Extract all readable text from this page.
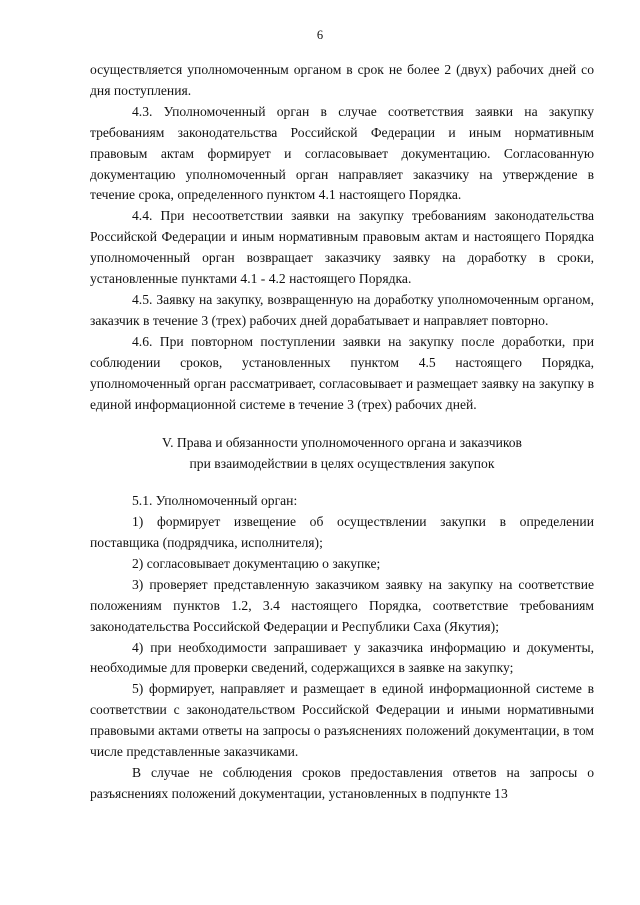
6

осуществляется уполномоченным органом в срок не более 2 (двух) рабочих дней со дня поступления.

4.3. Уполномоченный орган в случае соответствия заявки на закупку требованиям законодательства Российской Федерации и иным нормативным правовым актам формирует и согласовывает документацию. Согласованную документацию уполномоченный орган направляет заказчику на утверждение в течение срока, определенного пунктом 4.1 настоящего Порядка.

4.4. При несоответствии заявки на закупку требованиям законодательства Российской Федерации и иным нормативным правовым актам и настоящего Порядка уполномоченный орган возвращает заказчику заявку на доработку в сроки, установленные пунктами 4.1 - 4.2 настоящего Порядка.

4.5. Заявку на закупку, возвращенную на доработку уполномоченным органом, заказчик в течение 3 (трех) рабочих дней дорабатывает и направляет повторно.

4.6. При повторном поступлении заявки на закупку после доработки, при соблюдении сроков, установленных пунктом 4.5 настоящего Порядка, уполномоченный орган рассматривает, согласовывает и размещает заявку на закупку в единой информационной системе в течение 3 (трех) рабочих дней.

V. Права и обязанности уполномоченного органа и заказчиков
при взаимодействии в целях осуществления закупок

5.1. Уполномоченный орган:

1) формирует извещение об осуществлении закупки в определении поставщика (подрядчика, исполнителя);

2) согласовывает документацию о закупке;

3) проверяет представленную заказчиком заявку на закупку на соответствие положениям пунктов 1.2, 3.4 настоящего Порядка, соответствие требованиям законодательства Российской Федерации и Республики Саха (Якутия);

4) при необходимости запрашивает у заказчика информацию и документы, необходимые для проверки сведений, содержащихся в заявке на закупку;

5) формирует, направляет и размещает в единой информационной системе в соответствии с законодательством Российской Федерации и иными нормативными правовыми актами ответы на запросы о разъяснениях положений документации, в том числе представленные заказчиками.

В случае не соблюдения сроков предоставления ответов на запросы о разъяснениях положений документации, установленных в подпункте 13
